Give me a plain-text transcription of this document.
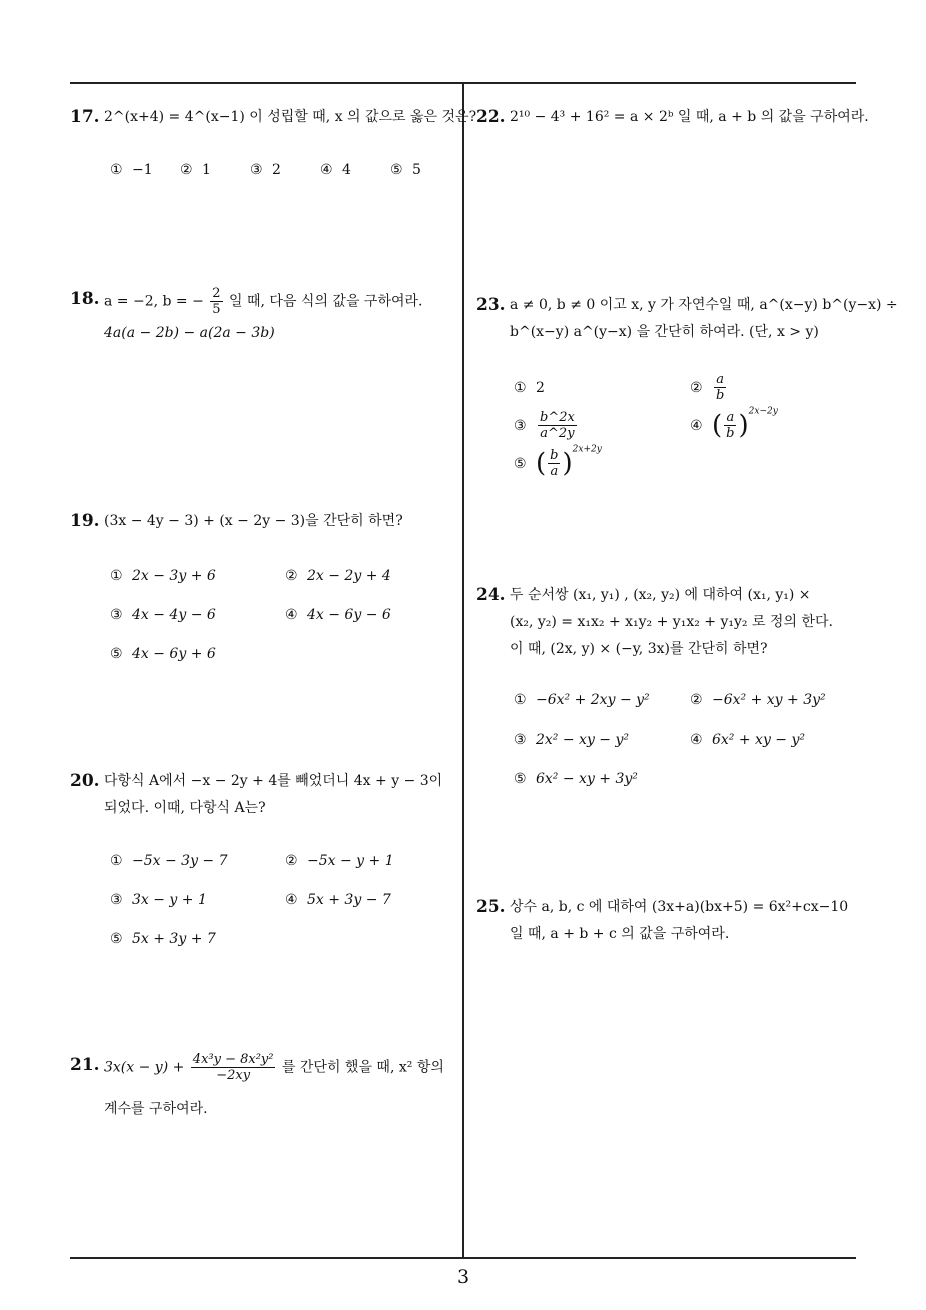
17. 2^(x+4) = 4^(x−1) 이 성립할 때, x 의 값으로 옳은 것은?
① −1 ② 1	③ 2	④ 4	⑤ 5
18. a = −2, b = − $\frac{2}{5}$ 일 때, 다음 식의 값을 구하여라.
4a(a − 2b) − a(2a − 3b)
19. (3x − 4y − 3) + (x − 2y − 3)을 간단히 하면?
① 2x − 3y + 6	② 2x − 2y + 4
③ 4x − 4y − 6	④ 4x − 6y − 6
⑤ 4x − 6y + 6
20. 다항식 A에서 −x − 2y + 4를 빼었더니 4x + y − 3이
되었다. 이때, 다항식 A는?
① −5x − 3y − 7	② −5x − y + 1
③ 3x − y + 1	④ 5x + 3y − 7
⑤ 5x + 3y + 7
21. $3x(x - y) + \frac{\text{4x³y − 8x²y²}}{-2xy}$ 를 간단히 했을 때, x² 항의
계수를 구하여라.
22. 2¹⁰ − 4³ + 16² = a × 2ᵇ 일 때, a + b 의 값을 구하여라.
23. a ≠ 0, b ≠ 0 이고 x, y 가 자연수일 때, a^(x−y) b^(y−x) ÷
b^(x−y) a^(y−x) 을 간단히 하여라. (단, x > y)
① 2	② $\frac{a}{b}$
③ $\frac{b\^{}2x}{a\^{}2y}$	④ ( $\frac{a}{b} )^{2x-2y}$
⑤ ( $\frac{b}{a} )^{2x+2y}$
24. 두 순서쌍 (x₁, y₁) , (x₂, y₂) 에 대하여 (x₁, y₁) ×
(x₂, y₂) = x₁x₂ + x₁y₂ + y₁x₂ + y₁y₂ 로 정의 한다.
이 때, (2x, y) × (−y, 3x)를 간단히 하면?
① −6x² + 2xy − y²	② −6x² + xy + 3y²
③ 2x² − xy − y²	④ 6x² + xy − y²
⑤ 6x² − xy + 3y²
25. 상수 a, b, c 에 대하여 (3x+a)(bx+5) = 6x²+cx−10
일 때, a + b + c 의 값을 구하여라.
3
